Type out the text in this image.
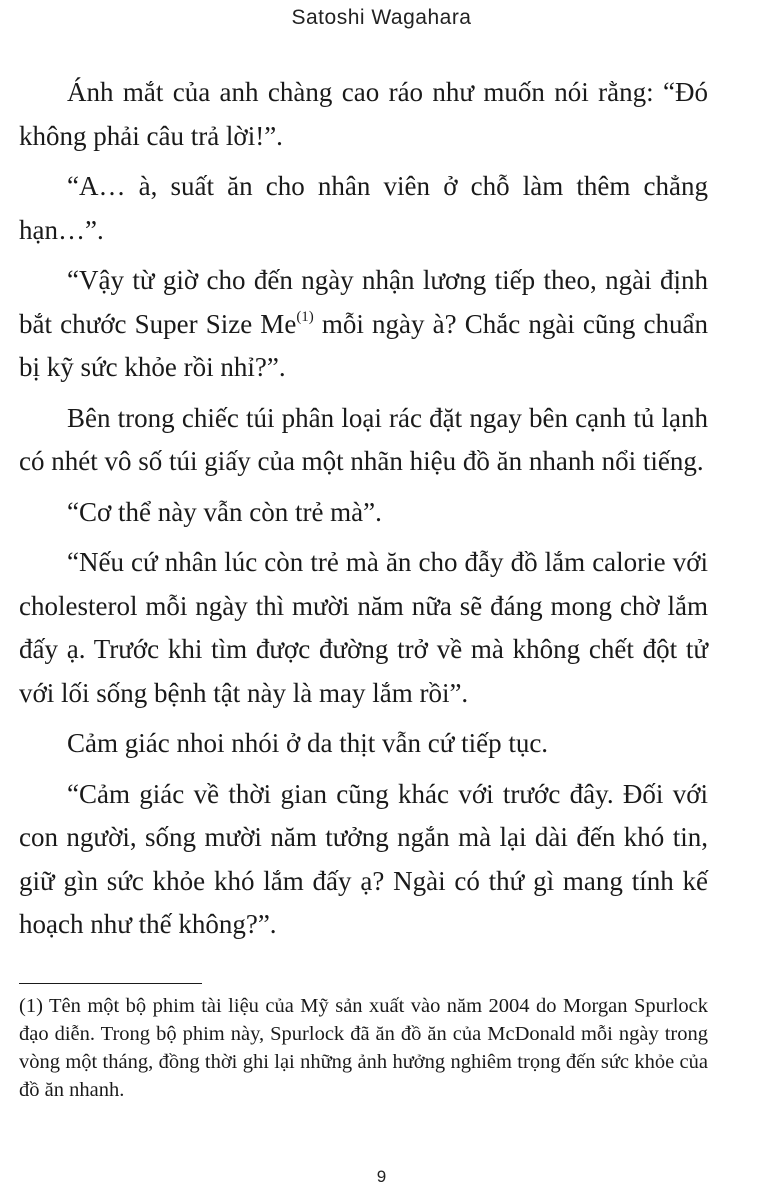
Satoshi Wagahara

Ánh mắt của anh chàng cao ráo như muốn nói rằng: “Đó không phải câu trả lời!”.

“A… à, suất ăn cho nhân viên ở chỗ làm thêm chẳng hạn…”.

“Vậy từ giờ cho đến ngày nhận lương tiếp theo, ngài định bắt chước Super Size Me$^{(1)}$ mỗi ngày à? Chắc ngài cũng chuẩn bị kỹ sức khỏe rồi nhỉ?”.

Bên trong chiếc túi phân loại rác đặt ngay bên cạnh tủ lạnh có nhét vô số túi giấy của một nhãn hiệu đồ ăn nhanh nổi tiếng.

“Cơ thể này vẫn còn trẻ mà”.

“Nếu cứ nhân lúc còn trẻ mà ăn cho đẫy đồ lắm calorie với cholesterol mỗi ngày thì mười năm nữa sẽ đáng mong chờ lắm đấy ạ. Trước khi tìm được đường trở về mà không chết đột tử với lối sống bệnh tật này là may lắm rồi”.

Cảm giác nhoi nhói ở da thịt vẫn cứ tiếp tục.

“Cảm giác về thời gian cũng khác với trước đây. Đối với con người, sống mười năm tưởng ngắn mà lại dài đến khó tin, giữ gìn sức khỏe khó lắm đấy ạ? Ngài có thứ gì mang tính kế hoạch như thế không?”.

(1) Tên một bộ phim tài liệu của Mỹ sản xuất vào năm 2004 do Morgan Spurlock đạo diễn. Trong bộ phim này, Spurlock đã ăn đồ ăn của McDonald mỗi ngày trong vòng một tháng, đồng thời ghi lại những ảnh hưởng nghiêm trọng đến sức khỏe của đồ ăn nhanh.

9
